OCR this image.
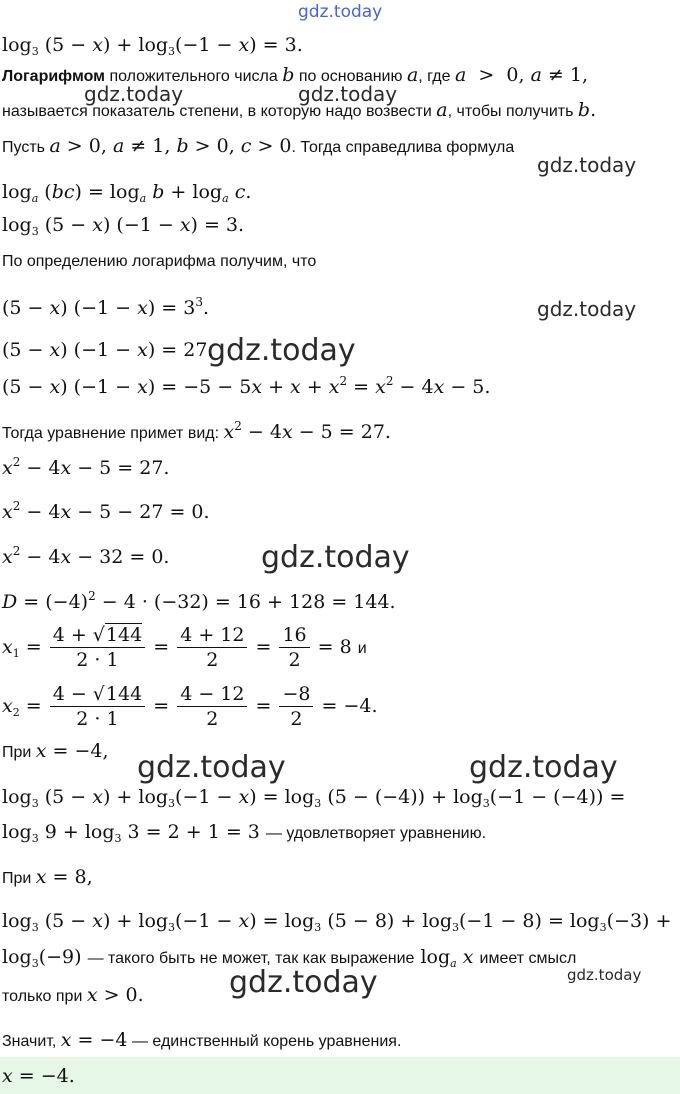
gdz.today
gdz.today	gdz.today
gdz.today
gdz.today
gdz.today
gdz.today
gdz.today	gdz.today
gdz.today
gdz.today
$\log_3 (5 - x) + \log_3(-1 - x) = 3$.
Логарифмом положительного числа b по основанию a, где a  >  0, a ≠ 1,
называется показатель степени, в которую надо возвести a, чтобы получить b.
Пусть a > 0, a ≠ 1, b > 0, c > 0. Тогда справедлива формула
$\log_a (bc) = \log_a b + \log_a c$.
$\log_3 (5 - x) (-1 - x) = 3$.
По определению логарифма получим, что
(5 − x) $(-1 - x) = 3^3$.
(5 − x) (−1 − x) = 27.
(5 − x) $(-1 - x) = -5 - 5x + x + x^2 = x^2 - 4x - 5$.
Тогда уравнение примет вид: $x^2 - 4x - 5 = 27$.
$x^2 - 4x - 5 = 27$.
$x^2 - 4x - 5 - 27 = 0$.
$x^2 - 4x - 32 = 0$.
$D = (-4)^2 - 4 \cdot (-32) = 16 + 128 = 144$.
$x_1 = \frac{4 + √144}{2 \cdot 1} = \frac{4 + 12}{2} = \frac{16}{2} = 8$ и
$x_2 = \frac{4 - √144}{2 \cdot 1} = \frac{4 - 12}{2} = \frac{-8}{2} = -4$.
При x = −4,
$\log_3 (5 - x) + \log_3(-1 - x) = \log_3 (5 - (-4)) + \log_3(-1 - (-4))$ =
$\log_3 9 + \log_3 3 = 2 + 1 = 3$ — удовлетворяет уравнению.
При x = 8,
$\log_3 (5 - x) + \log_3(-1 - x) = \log_3 (5 - 8) + \log_3(-1 - 8) = \log_3(-3)$ +
$\log_3(-9)$ — такого быть не может, так как выражение $\log_a x$ имеет смысл
только при x > 0.
Значит, x = −4 — единственный корень уравнения.
x = −4.
